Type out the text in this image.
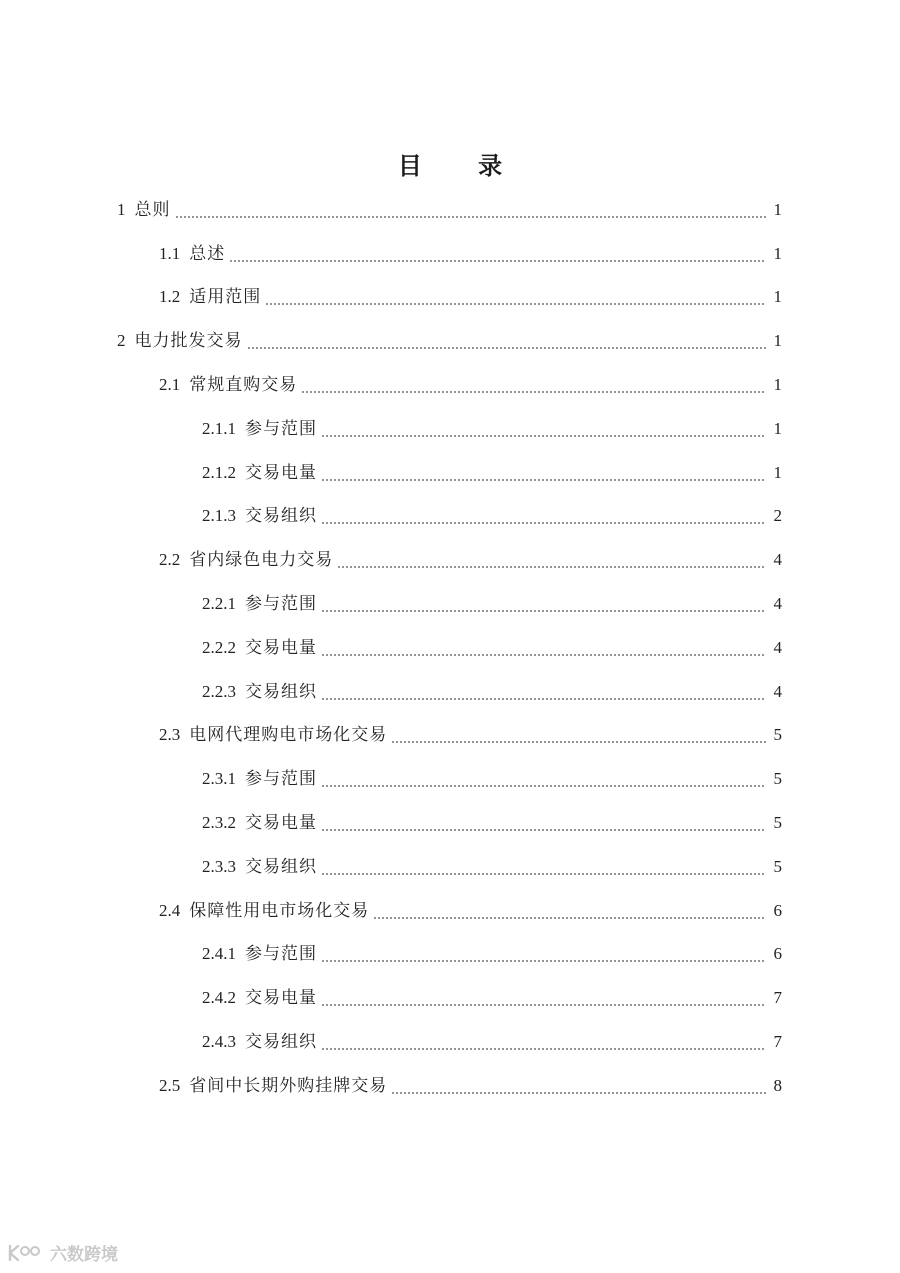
目 录
1 总则	1
1.1 总述	1
1.2 适用范围	1
2 电力批发交易	1
2.1 常规直购交易	1
2.1.1 参与范围	1
2.1.2 交易电量	1
2.1.3 交易组织	2
2.2 省内绿色电力交易	4
2.2.1 参与范围	4
2.2.2 交易电量	4
2.2.3 交易组织	4
2.3 电网代理购电市场化交易	5
2.3.1 参与范围	5
2.3.2 交易电量	5
2.3.3 交易组织	5
2.4 保障性用电市场化交易	6
2.4.1 参与范围	6
2.4.2 交易电量	7
2.4.3 交易组织	7
2.5 省间中长期外购挂牌交易	8
六数跨境
